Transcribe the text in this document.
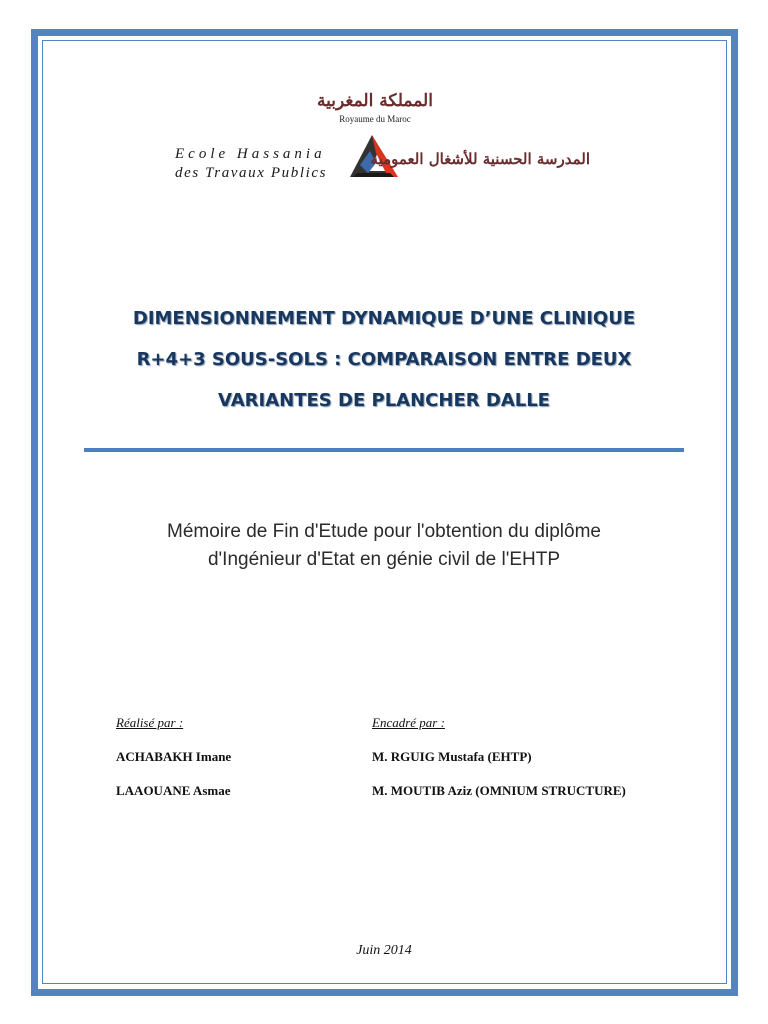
المملكة المغربية
Royaume du Maroc
Ecole Hassania
des Travaux Publics
المدرسة الحسنية للأشغال العمومية
DIMENSIONNEMENT DYNAMIQUE D’UNE CLINIQUE
R+4+3 SOUS-SOLS : COMPARAISON ENTRE DEUX
VARIANTES DE PLANCHER DALLE
Mémoire de Fin d'Etude pour l'obtention du diplôme
d'Ingénieur d'Etat en génie civil de l'EHTP
Réalisé par :
ACHABAKH Imane
LAAOUANE Asmae
Encadré par :
M. RGUIG Mustafa (EHTP)
M. MOUTIB Aziz (OMNIUM STRUCTURE)
Juin 2014
